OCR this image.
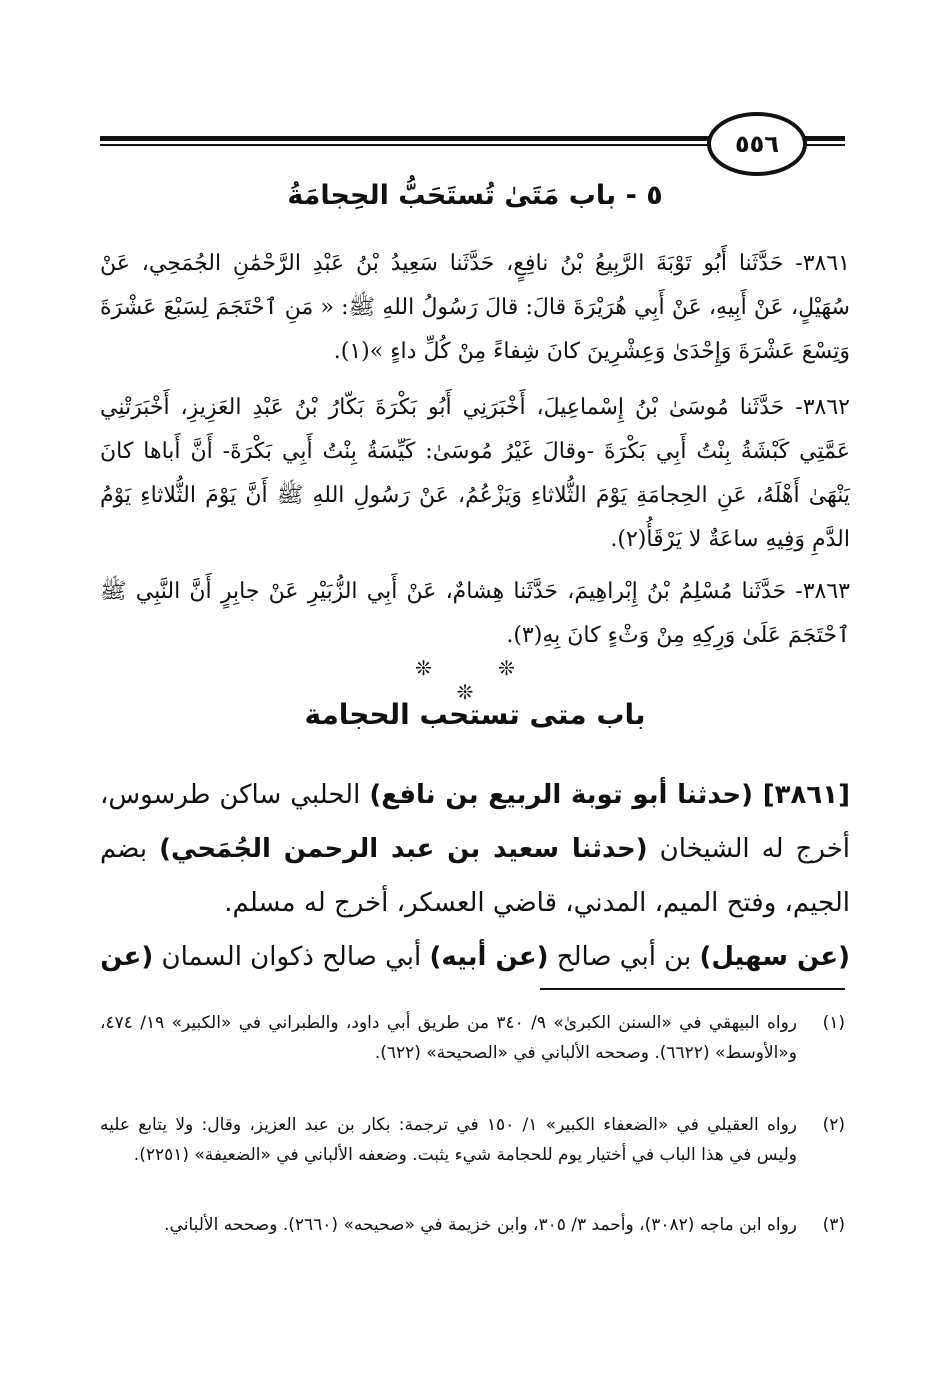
٥٥٦
٥ - باب مَتَىٰ تُستَحَبُّ الحِجامَةُ
٣٨٦١- حَدَّثَنا أَبُو تَوْبَةَ الرَّبِيعُ بْنُ نافِعٍ، حَدَّثَنا سَعِيدُ بْنُ عَبْدِ الرَّحْمَٰنِ الجُمَحِي، عَنْ سُهَيْلٍ، عَنْ أَبِيهِ، عَنْ أَبِي هُرَيْرَةَ قالَ: قالَ رَسُولُ اللهِ ﷺ: « مَنِ ٱحْتَجَمَ لِسَبْعَ عَشْرَةَ وَتِسْعَ عَشْرَةَ وَإِحْدَىٰ وَعِشْرِينَ كانَ شِفاءً مِنْ كُلِّ داءٍ »(١).
٣٨٦٢- حَدَّثَنا مُوسَىٰ بْنُ إِسْماعِيلَ، أَخْبَرَنِي أَبُو بَكْرَةَ بَكّارُ بْنُ عَبْدِ العَزِيزِ، أَخْبَرَتْنِي عَمَّتِي كَبْشَةُ بِنْتُ أَبِي بَكْرَةَ -وقالَ غَيْرُ مُوسَىٰ: كَيِّسَةُ بِنْتُ أَبِي بَكْرَةَ- أَنَّ أَباها كانَ يَنْهَىٰ أَهْلَهُ، عَنِ الحِجامَةِ يَوْمَ الثُّلاثاءِ وَيَزْعُمُ، عَنْ رَسُولِ اللهِ ﷺ أَنَّ يَوْمَ الثُّلاثاءِ يَوْمُ الدَّمِ وَفِيهِ ساعَةٌ لا يَرْقَأُ(٢).
٣٨٦٣- حَدَّثَنا مُسْلِمُ بْنُ إِبْراهِيمَ، حَدَّثَنا هِشامٌ، عَنْ أَبِي الزُّبَيْرِ عَنْ جابِرٍ أَنَّ النَّبِي ﷺ ٱحْتَجَمَ عَلَىٰ وَرِكِهِ مِنْ وَثْءٍ كانَ بِهِ(٣).
❊ ❊ ❊
باب متى تستحب الحجامة
[٣٨٦١] (حدثنا أبو توبة الربيع بن نافع) الحلبي ساكن طرسوس، أخرج له الشيخان (حدثنا سعيد بن عبد الرحمن الجُمَحي) بضم الجيم، وفتح الميم، المدني، قاضي العسكر، أخرج له مسلم.
(عن سهيل) بن أبي صالح (عن أبيه) أبي صالح ذكوان السمان (عن
(١)
رواه البيهقي في «السنن الكبرىٰ» ٩/ ٣٤٠ من طريق أبي داود، والطبراني في «الكبير» ١٩/ ٤٧٤، و«الأوسط» (٦٦٢٢). وصححه الألباني في «الصحيحة» (٦٢٢).
(٢)
رواه العقيلي في «الضعفاء الكبير» ١/ ١٥٠ في ترجمة: بكار بن عبد العزيز، وقال: ولا يتابع عليه وليس في هذا الباب في أختيار يوم للحجامة شيء يثبت. وضعفه الألباني في «الضعيفة» (٢٢٥١).
(٣)
رواه ابن ماجه (٣٠٨٢)، وأحمد ٣/ ٣٠٥، وابن خزيمة في «صحيحه» (٢٦٦٠). وصححه الألباني.
